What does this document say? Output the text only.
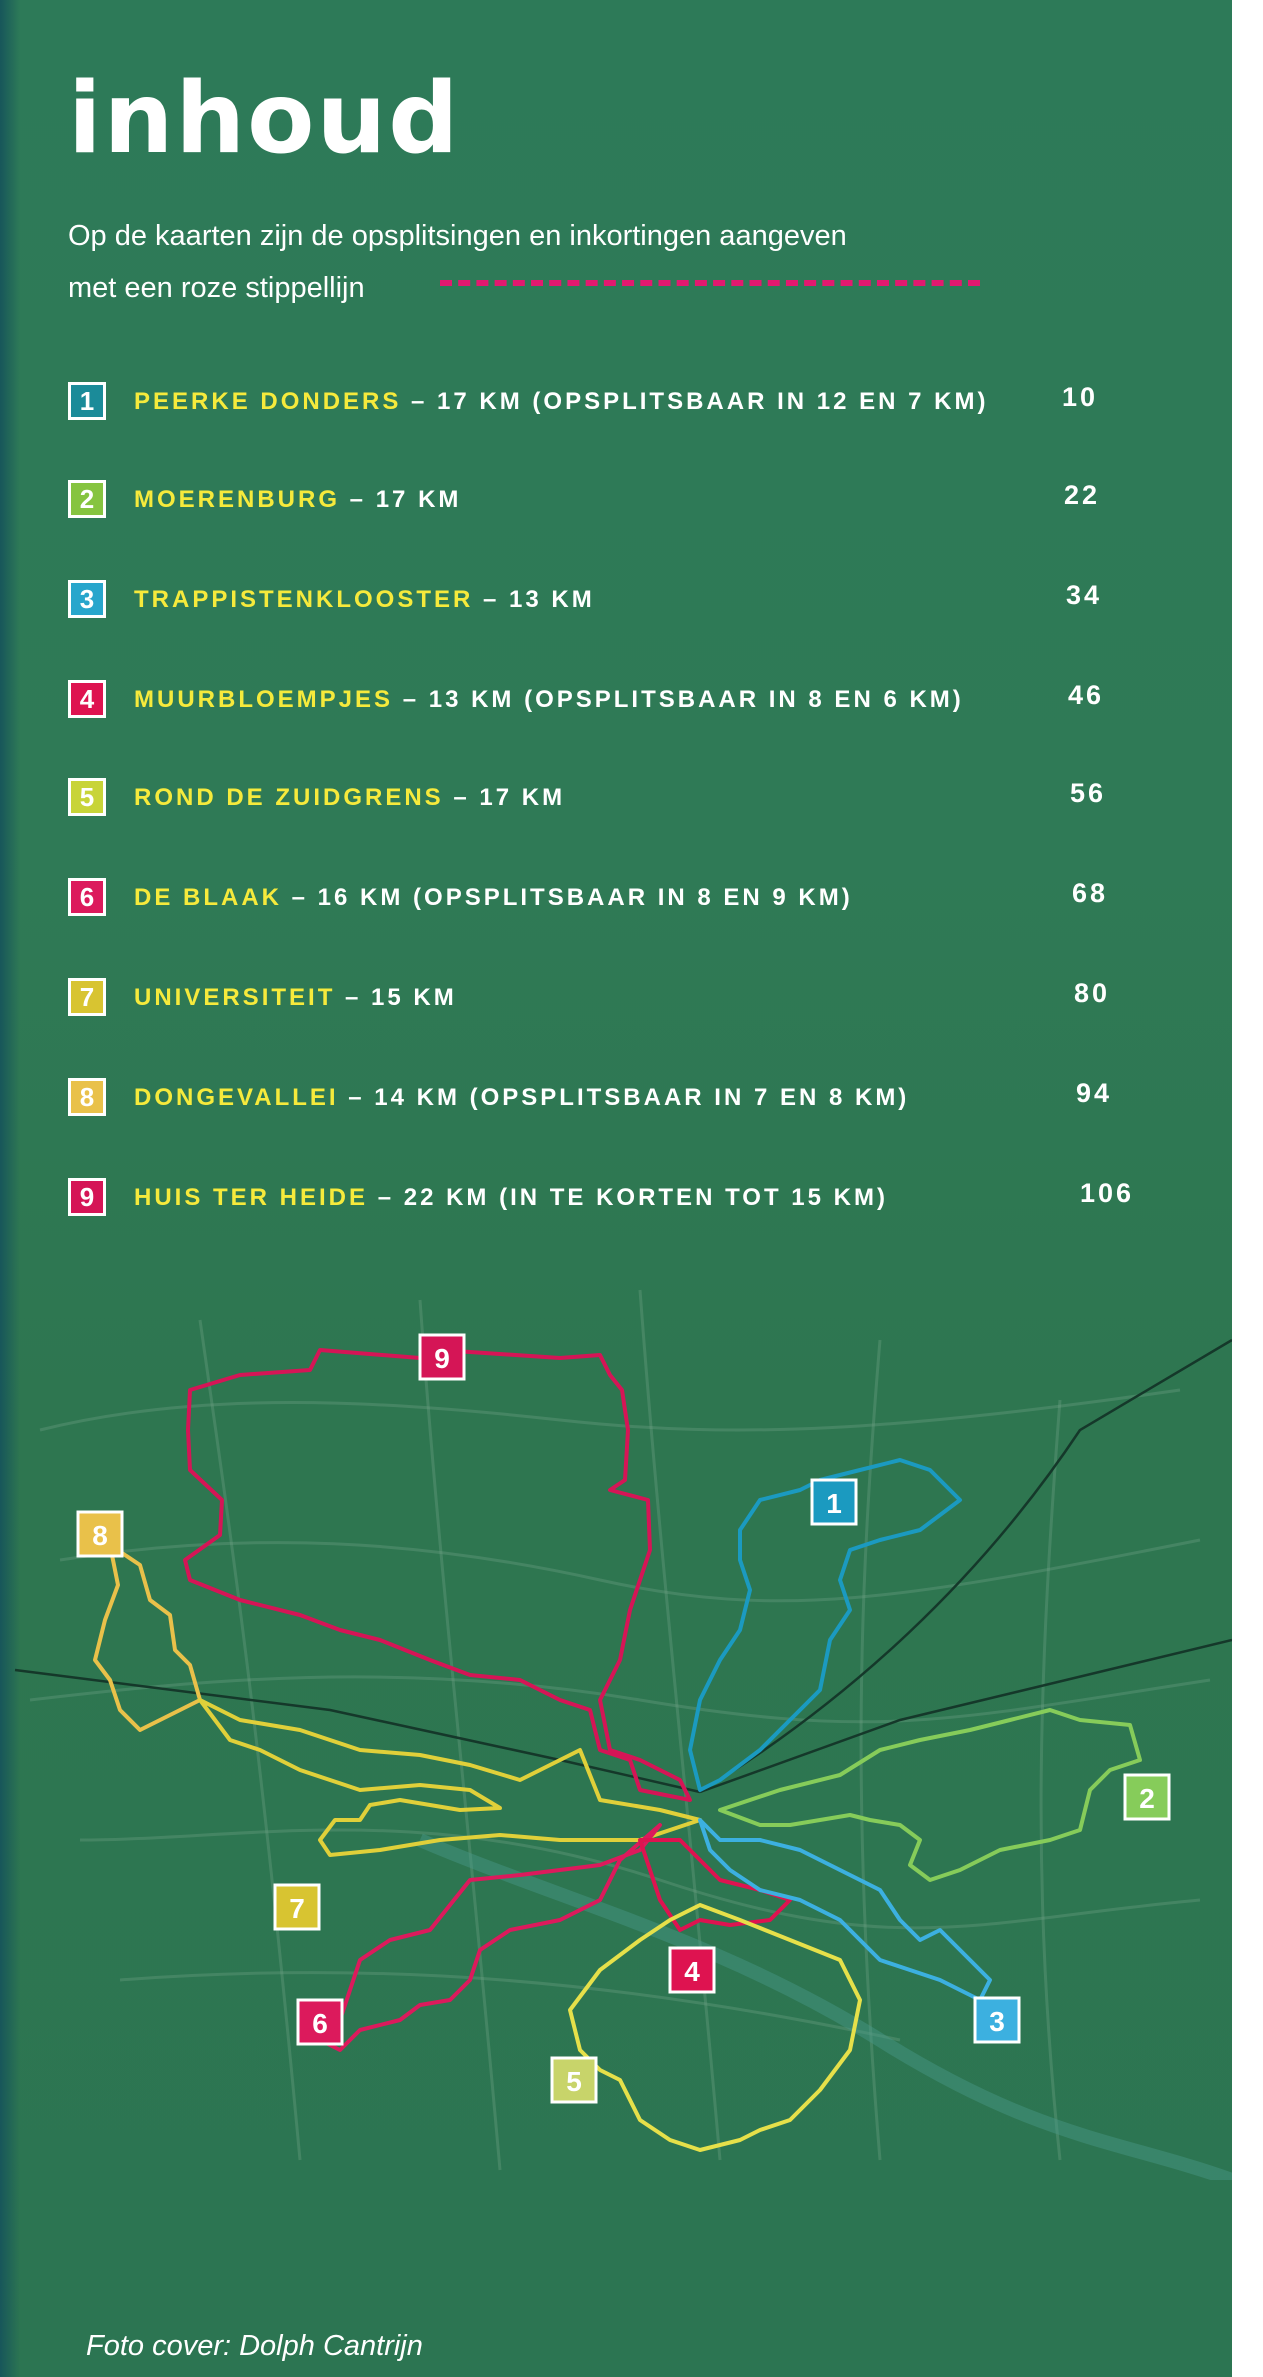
inhoud
Op de kaarten zijn de opsplitsingen en inkortingen aangeven
met een roze stippellijn
1	PEERKE DONDERS – 17 KM (OPSPLITSBAAR IN 12 EN 7 KM)	10
2	MOERENBURG – 17 KM	22
3	TRAPPISTENKLOOSTER – 13 KM	34
4	MUURBLOEMPJES – 13 KM (OPSPLITSBAAR IN 8 EN 6 KM)	46
5	ROND DE ZUIDGRENS – 17 KM	56
6	DE BLAAK – 16 KM (OPSPLITSBAAR IN 8 EN 9 KM)	68
7	UNIVERSITEIT – 15 KM	80
8	DONGEVALLEI – 14 KM (OPSPLITSBAAR IN 7 EN 8 KM)	94
9	HUIS TER HEIDE – 22 KM (IN TE KORTEN TOT 15 KM)	106
9
8
1
2
7
6
4
3
5
Foto cover: Dolph Cantrijn
